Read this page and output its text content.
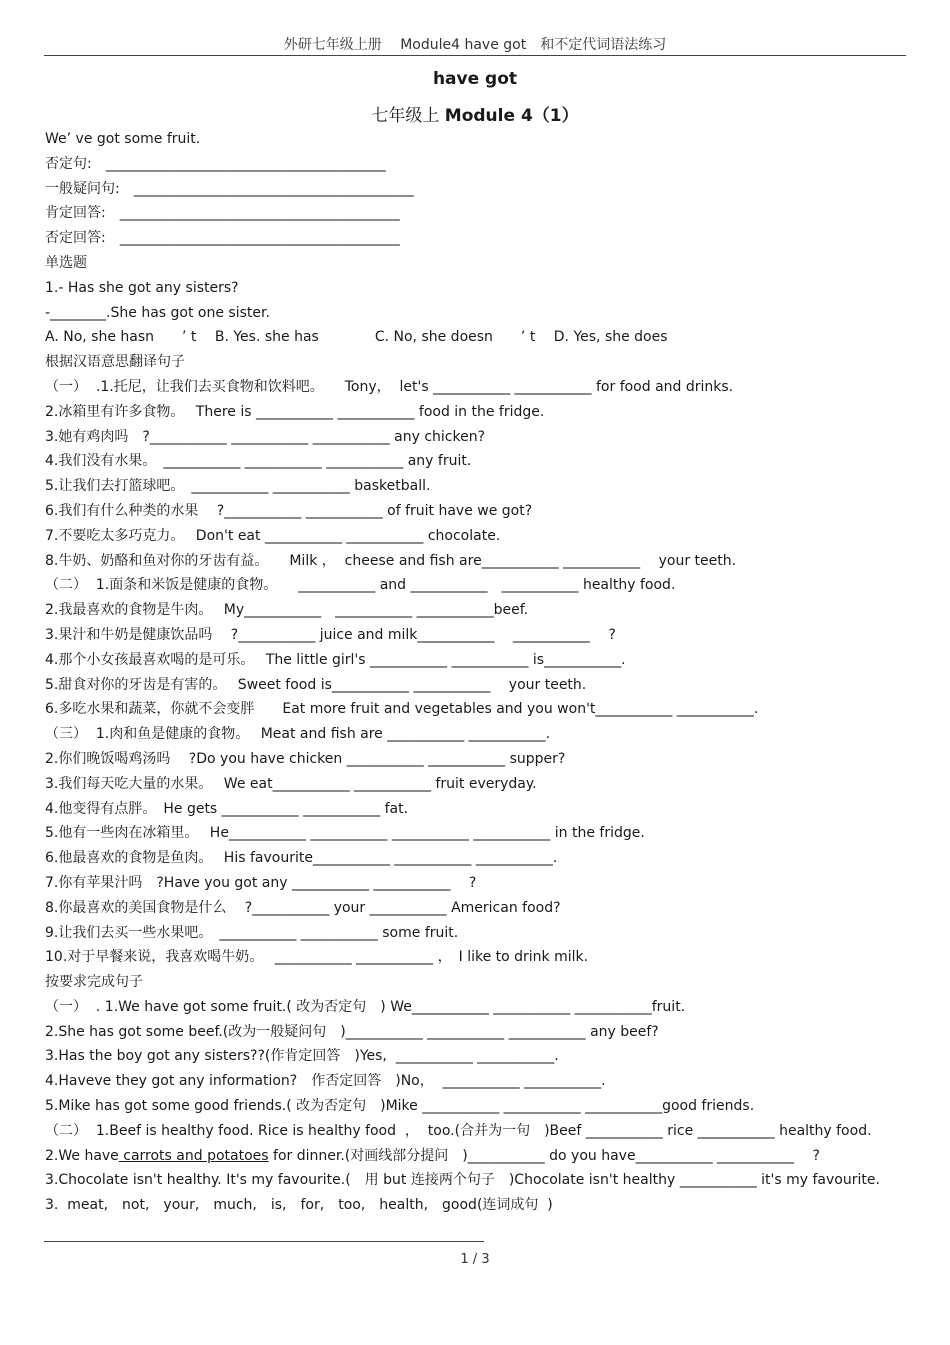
外研七年级上册　 Module4 have got　和不定代词语法练习
have got
七年级上 Module 4（1）
We’ ve got some fruit.
否定句:　________________________________________
一般疑问句:　________________________________________
肯定回答:　________________________________________
否定回答:　________________________________________
单选题
1.- Has she got any sisters?
-________.She has got one sister.
A. No, she hasn　　’ t　 B. Yes. she has　　　　C. No, she doesn　　’ t　 D. Yes, she does
根据汉语意思翻译句子
（一）  .1.托尼，让我们去买食物和饮料吧。　　Tony，  let's ___________ ___________ for food and drinks.
2.冰箱里有许多食物。　 There is ___________ ___________ food in the fridge.
3.她有鸡肉吗　?___________ ___________ ___________ any chicken?
4.我们没有水果。　___________ ___________ ___________ any fruit.
5.让我们去打篮球吧。　___________ ___________ basketball.
6.我们有什么种类的水果　 ?___________ ___________ of fruit have we got?
7.不要吃太多巧克力。　 Don't eat ___________ ___________ chocolate.
8.牛奶、奶酪和鱼对你的牙齿有益。　　Milk ，  cheese and fish are___________ ___________　 your teeth.
（二）  1.面条和米饭是健康的食物。　　___________ and ___________　___________ healthy food.
2.我最喜欢的食物是牛肉。　 My___________　___________ ___________beef.
3.果汁和牛奶是健康饮品吗　 ?___________ juice and milk___________　 ___________　 ?
4.那个小女孩最喜欢喝的是可乐。　 The little girl's ___________ ___________ is___________.
5.甜食对你的牙齿是有害的。　 Sweet food is___________ ___________　 your teeth.
6.多吃水果和蔬菜，你就不会变胖　　Eat more fruit and vegetables and you won't___________ ___________.
（三）  1.肉和鱼是健康的食物。　 Meat and fish are ___________ ___________.
2.你们晚饭喝鸡汤吗　 ?Do you have chicken ___________ ___________ supper?
3.我们每天吃大量的水果。　 We eat___________ ___________ fruit everyday.
4.他变得有点胖。　He gets ___________ ___________ fat.
5.他有一些肉在冰箱里。　 He___________ ___________ ___________ ___________ in the fridge.
6.他最喜欢的食物是鱼肉。　 His favourite___________ ___________ ___________.
7.你有苹果汁吗　?Have you got any ___________ ___________　 ?
8.你最喜欢的美国食物是什么　 ?___________ your ___________ American food?
9.让我们去买一些水果吧。　___________ ___________ some fruit.
10.对于早餐来说，我喜欢喝牛奶。　 ___________ ___________ ，　I like to drink milk.
按要求完成句子
（一）  . 1.We have got some fruit.( 改为否定句　) We___________ ___________ ___________fruit.
2.She has got some beef.(改为一般疑问句　)___________ ___________ ___________ any beef?
3.Has the boy got any sisters??(作肯定回答　)Yes,  ___________ ___________.
4.Haveve they got any information?　作否定回答　)No，  ___________ ___________.
5.Mike has got some good friends.( 改为否定句　)Mike ___________ ___________ ___________good friends.
（二）  1.Beef is healthy food. Rice is healthy food  ，  too.(合并为一句　)Beef ___________ rice ___________ healthy food.
2.We have carrots and potatoes for dinner.(对画线部分提问　)___________ do you have___________ ___________　 ?
3.Chocolate isn't healthy. It's my favourite.(　用 but 连接两个句子　)Chocolate isn't healthy ___________ it's my favourite.
3.  meat,　not,　your,　much,　is,　for,　too,　health,　good(连词成句  )
1 / 3
